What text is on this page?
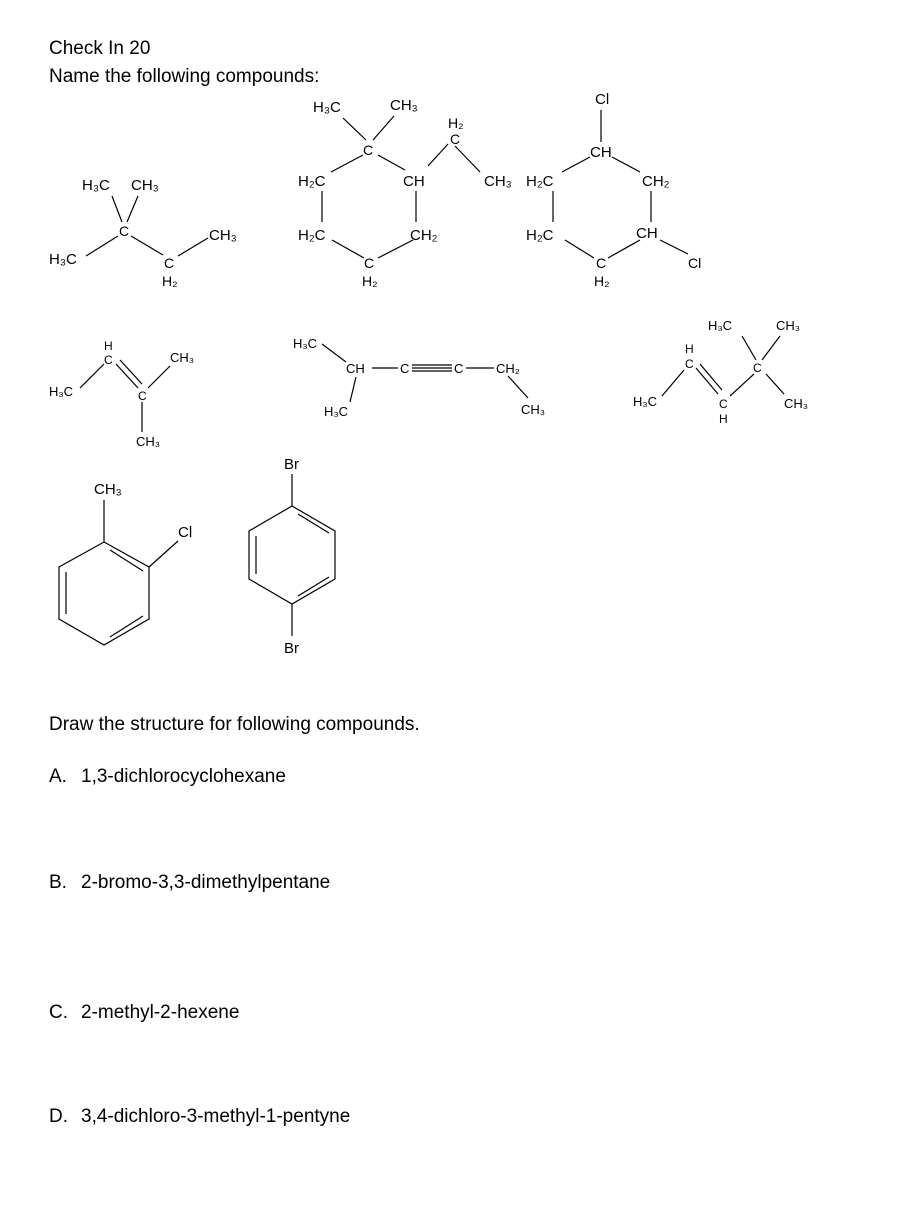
Check In 20
Name the following compounds:
H₃C CH₃
C
H₃C	C
H₂
CH₃
H₃C	CH₃
C
H₂
C
CH₃
H₂C	CH
H₂C	CH₂
C
H₂
Cl
CH
H₂C	CH₂
H₂C	CH
Cl
C
H₂
H
C	CH₃
H₃C	C
CH₃
H₃C
CH	C	C	CH₂
CH₃
H₃C
H₃C	CH₃
H
C	C
H₃C	C
H
CH₃
CH₃
Cl
Br
Br
Draw the structure for following compounds.
A. 1,3-dichlorocyclohexane
B. 2-bromo-3,3-dimethylpentane
C. 2-methyl-2-hexene
D. 3,4-dichloro-3-methyl-1-pentyne
